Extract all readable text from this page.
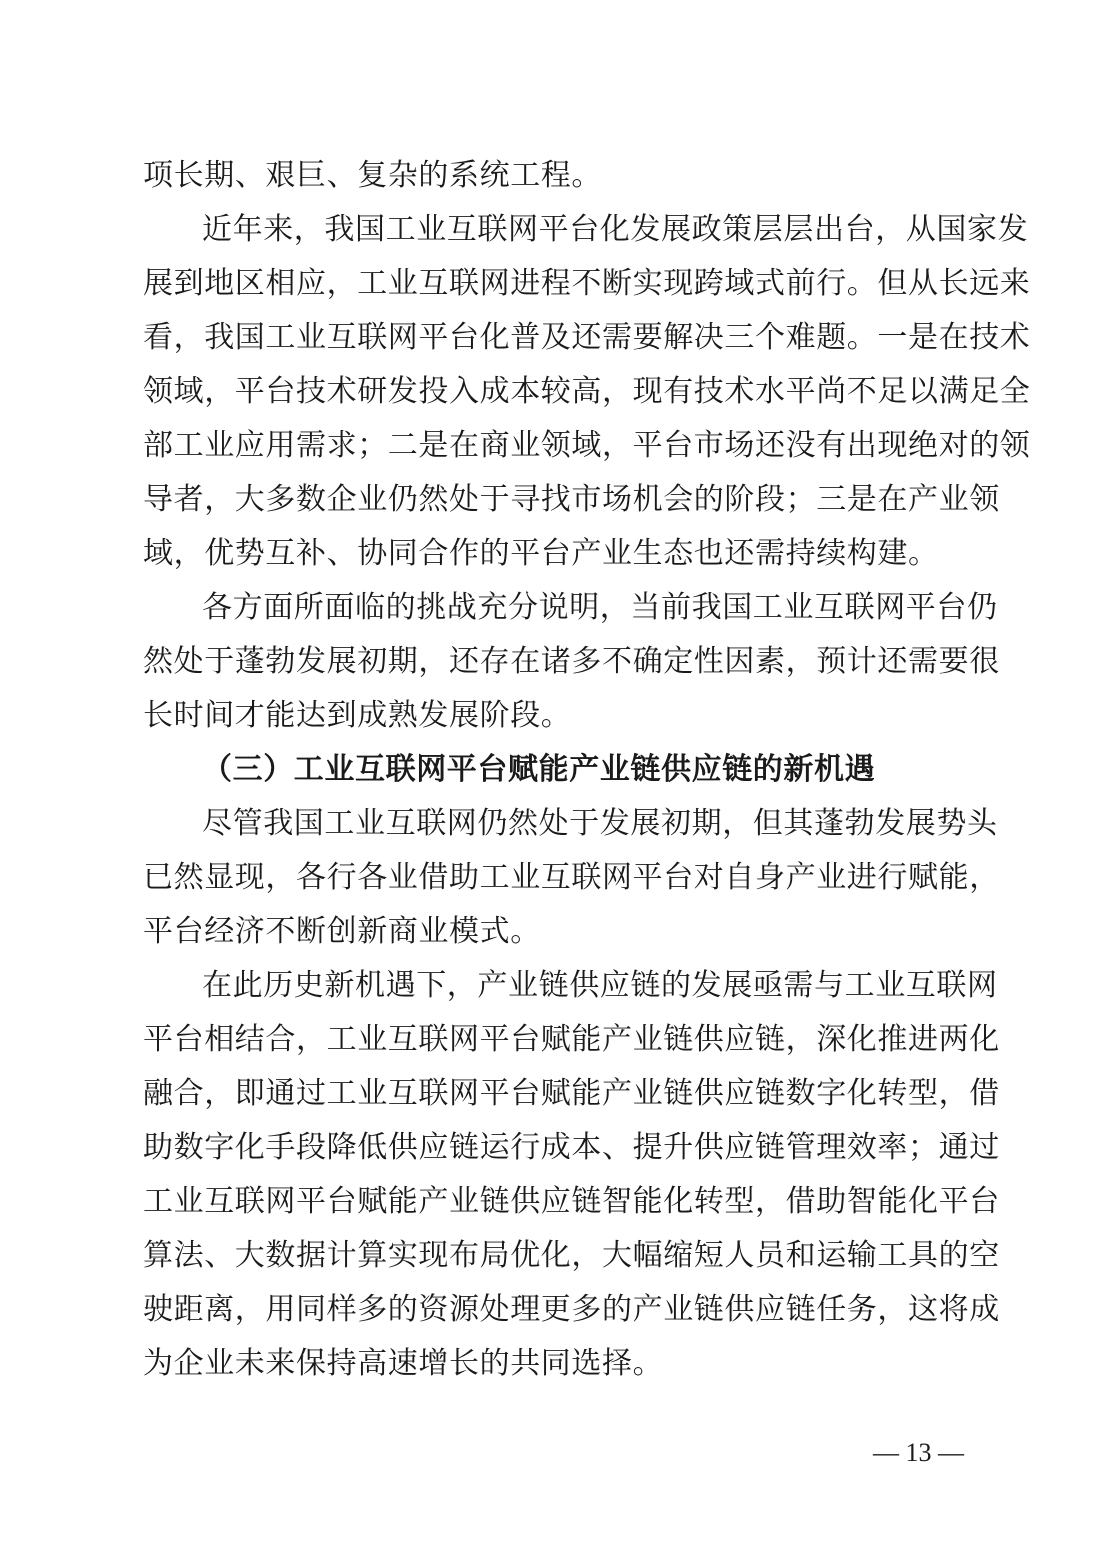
项长期、艰巨、复杂的系统工程。

近年来，我国工业互联网平台化发展政策层层出台，从国家发

展到地区相应，工业互联网进程不断实现跨域式前行。但从长远来

看，我国工业互联网平台化普及还需要解决三个难题。一是在技术

领域，平台技术研发投入成本较高，现有技术水平尚不足以满足全

部工业应用需求；二是在商业领域，平台市场还没有出现绝对的领

导者，大多数企业仍然处于寻找市场机会的阶段；三是在产业领

域，优势互补、协同合作的平台产业生态也还需持续构建。

各方面所面临的挑战充分说明，当前我国工业互联网平台仍

然处于蓬勃发展初期，还存在诸多不确定性因素，预计还需要很

长时间才能达到成熟发展阶段。

（三）工业互联网平台赋能产业链供应链的新机遇

尽管我国工业互联网仍然处于发展初期，但其蓬勃发展势头

已然显现，各行各业借助工业互联网平台对自身产业进行赋能，

平台经济不断创新商业模式。

在此历史新机遇下，产业链供应链的发展亟需与工业互联网

平台相结合，工业互联网平台赋能产业链供应链，深化推进两化

融合，即通过工业互联网平台赋能产业链供应链数字化转型，借

助数字化手段降低供应链运行成本、提升供应链管理效率；通过

工业互联网平台赋能产业链供应链智能化转型，借助智能化平台

算法、大数据计算实现布局优化，大幅缩短人员和运输工具的空

驶距离，用同样多的资源处理更多的产业链供应链任务，这将成

为企业未来保持高速增长的共同选择。

— 13 —
